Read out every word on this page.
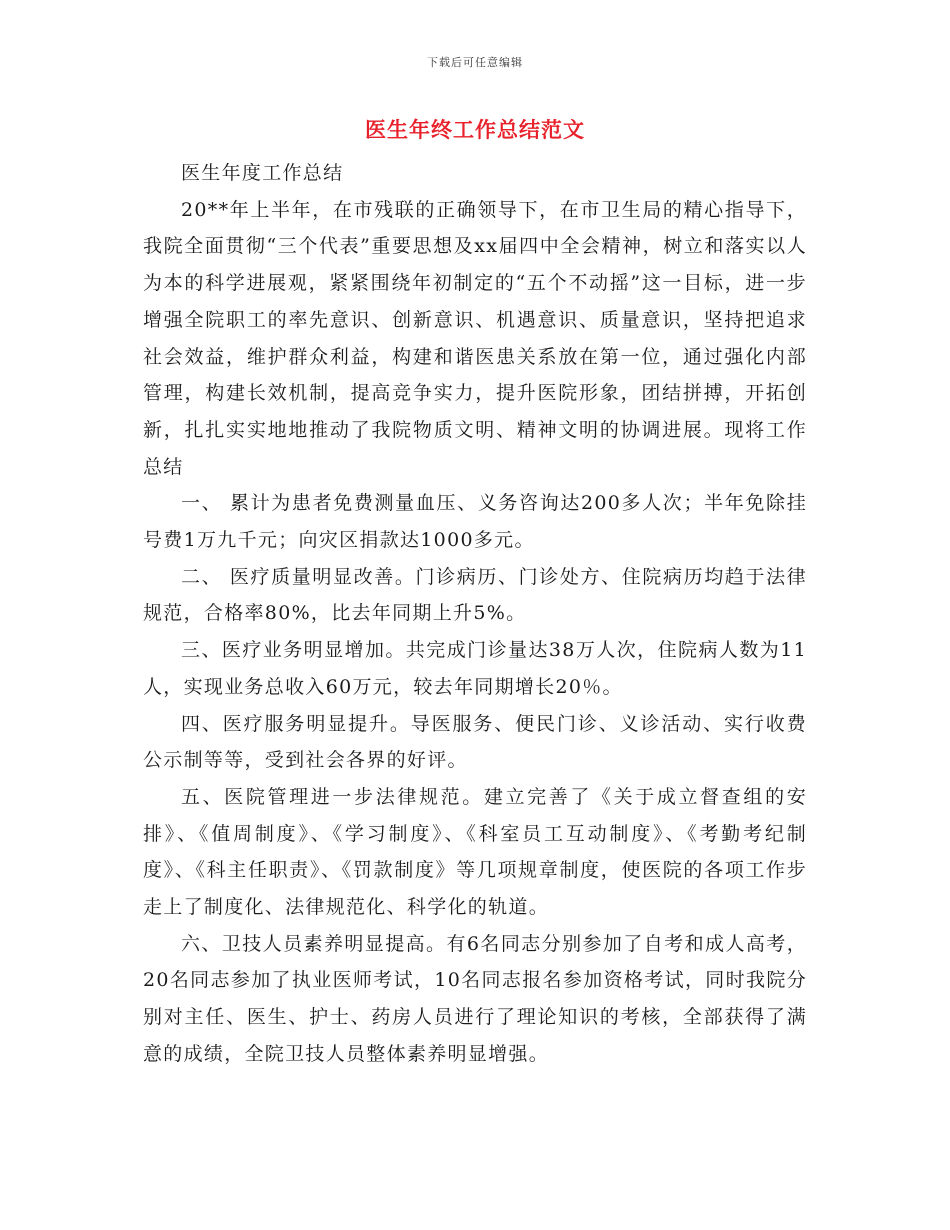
下载后可任意编辑
医生年终工作总结范文

医生年度工作总结

20**年上半年，在市残联的正确领导下，在市卫生局的精心指导下，我院全面贯彻“三个代表”重要思想及xx届四中全会精神，树立和落实以人为本的科学进展观，紧紧围绕年初制定的“五个不动摇”这一目标，进一步增强全院职工的率先意识、创新意识、机遇意识、质量意识，坚持把追求社会效益，维护群众利益，构建和谐医患关系放在第一位，通过强化内部管理，构建长效机制，提高竞争实力，提升医院形象，团结拼搏，开拓创新，扎扎实实地地推动了我院物质文明、精神文明的协调进展。现将工作总结

一、 累计为患者免费测量血压、义务咨询达200多人次；半年免除挂号费1万九千元；向灾区捐款达1000多元。

二、 医疗质量明显改善。门诊病历、门诊处方、住院病历均趋于法律规范，合格率80%，比去年同期上升5%。

三、医疗业务明显增加。共完成门诊量达38万人次，住院病人数为11人，实现业务总收入60万元，较去年同期增长20％。

四、医疗服务明显提升。导医服务、便民门诊、义诊活动、实行收费公示制等等，受到社会各界的好评。

五、医院管理进一步法律规范。建立完善了《关于成立督查组的安排》、《值周制度》、《学习制度》、《科室员工互动制度》、《考勤考纪制度》、《科主任职责》、《罚款制度》等几项规章制度，使医院的各项工作步走上了制度化、法律规范化、科学化的轨道。

六、卫技人员素养明显提高。有6名同志分别参加了自考和成人高考，20名同志参加了执业医师考试，10名同志报名参加资格考试，同时我院分别对主任、医生、护士、药房人员进行了理论知识的考核，全部获得了满意的成绩，全院卫技人员整体素养明显增强。
